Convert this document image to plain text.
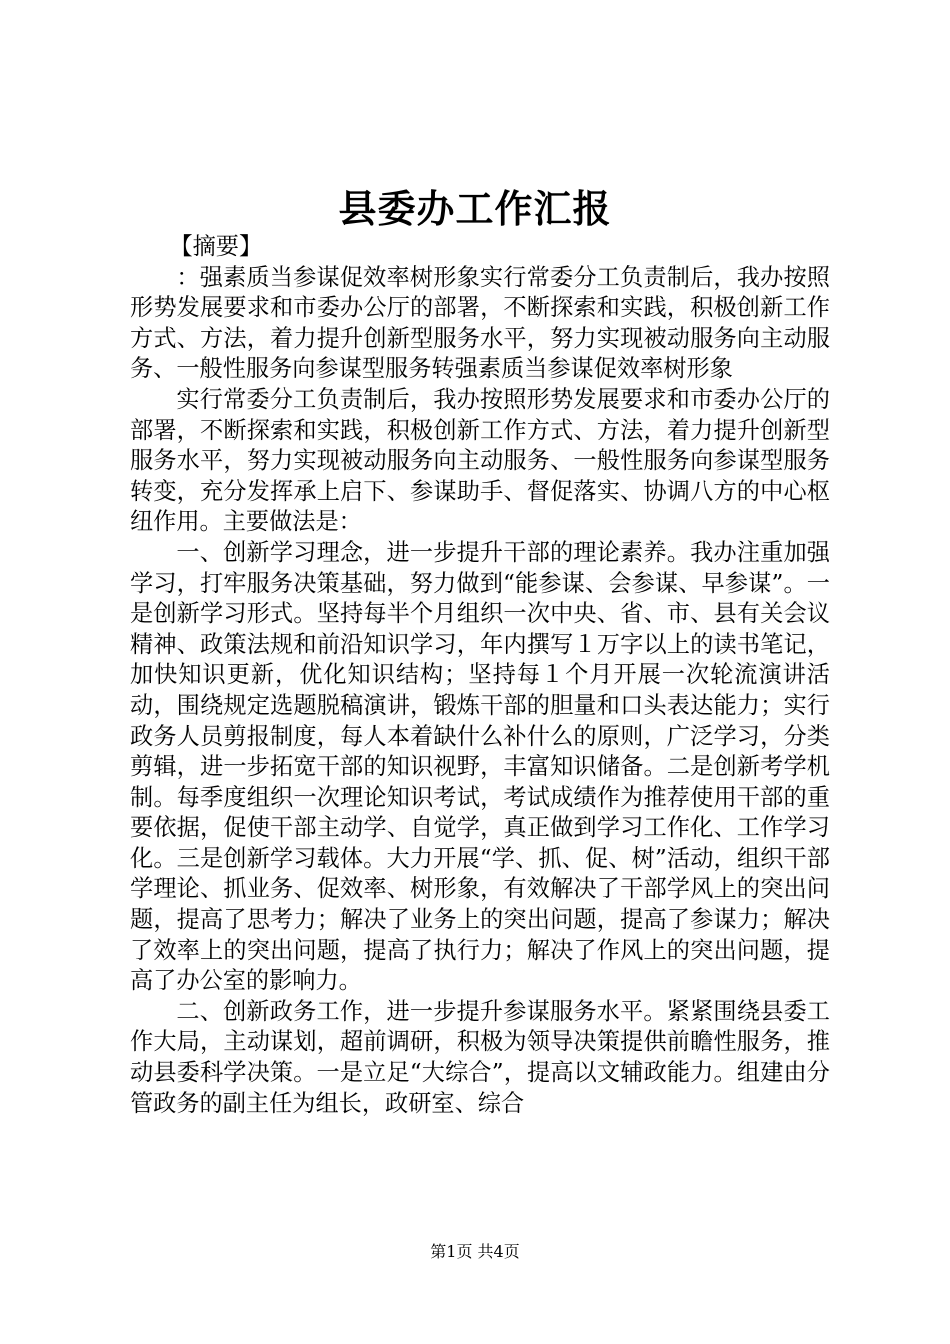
县委办工作汇报

【摘要】

：强素质当参谋促效率树形象实行常委分工负责制后，我办按照形势发展要求和市委办公厅的部署，不断探索和实践，积极创新工作方式、方法，着力提升创新型服务水平，努力实现被动服务向主动服务、一般性服务向参谋型服务转强素质当参谋促效率树形象

实行常委分工负责制后，我办按照形势发展要求和市委办公厅的部署，不断探索和实践，积极创新工作方式、方法，着力提升创新型服务水平，努力实现被动服务向主动服务、一般性服务向参谋型服务转变，充分发挥承上启下、参谋助手、督促落实、协调八方的中心枢纽作用。主要做法是：

一、创新学习理念，进一步提升干部的理论素养。我办注重加强学习，打牢服务决策基础，努力做到“能参谋、会参谋、早参谋”。一是创新学习形式。坚持每半个月组织一次中央、省、市、县有关会议精神、政策法规和前沿知识学习，年内撰写１万字以上的读书笔记，加快知识更新，优化知识结构；坚持每１个月开展一次轮流演讲活动，围绕规定选题脱稿演讲，锻炼干部的胆量和口头表达能力；实行政务人员剪报制度，每人本着缺什么补什么的原则，广泛学习，分类剪辑，进一步拓宽干部的知识视野，丰富知识储备。二是创新考学机制。每季度组织一次理论知识考试，考试成绩作为推荐使用干部的重要依据，促使干部主动学、自觉学，真正做到学习工作化、工作学习化。三是创新学习载体。大力开展“学、抓、促、树”活动，组织干部学理论、抓业务、促效率、树形象，有效解决了干部学风上的突出问题，提高了思考力；解决了业务上的突出问题，提高了参谋力；解决了效率上的突出问题，提高了执行力；解决了作风上的突出问题，提高了办公室的影响力。

二、创新政务工作，进一步提升参谋服务水平。紧紧围绕县委工作大局，主动谋划，超前调研，积极为领导决策提供前瞻性服务，推动县委科学决策。一是立足“大综合”，提高以文辅政能力。组建由分管政务的副主任为组长，政研室、综合

第1页 共4页
